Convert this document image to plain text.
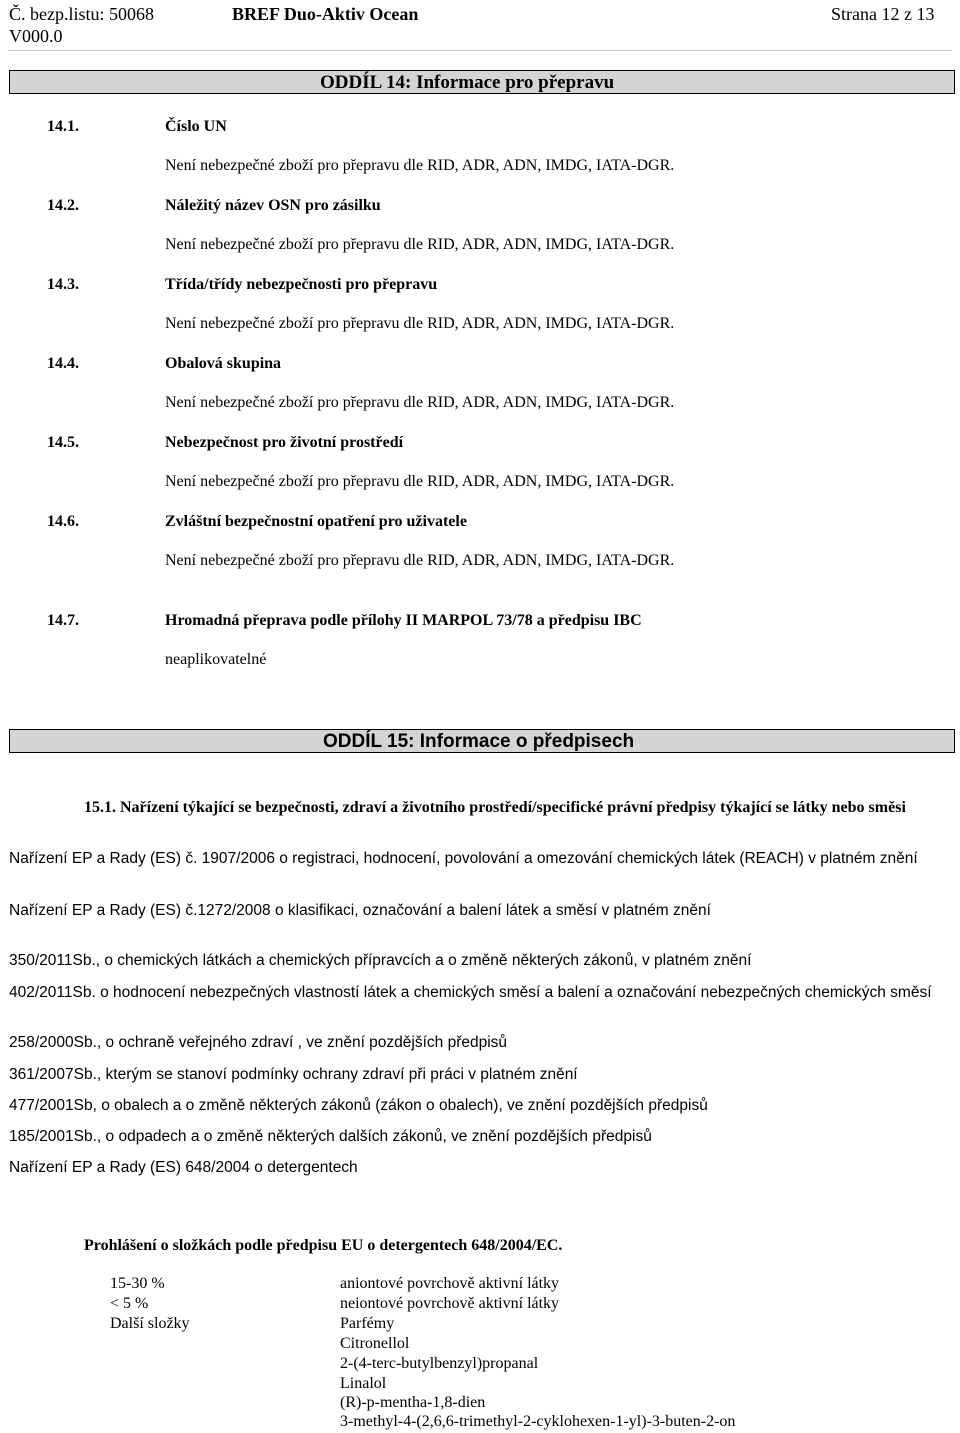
Č. bezp.listu: 50068
V000.0
BREF Duo-Aktiv Ocean	Strana 12 z 13
ODDÍL 14: Informace pro přepravu
14.1.	Číslo UN
Není nebezpečné zboží pro přepravu dle RID, ADR, ADN, IMDG, IATA-DGR.
14.2.	Náležitý název OSN pro zásilku
Není nebezpečné zboží pro přepravu dle RID, ADR, ADN, IMDG, IATA-DGR.
14.3.	Třída/třídy nebezpečnosti pro přepravu
Není nebezpečné zboží pro přepravu dle RID, ADR, ADN, IMDG, IATA-DGR.
14.4.	Obalová skupina
Není nebezpečné zboží pro přepravu dle RID, ADR, ADN, IMDG, IATA-DGR.
14.5.	Nebezpečnost pro životní prostředí
Není nebezpečné zboží pro přepravu dle RID, ADR, ADN, IMDG, IATA-DGR.
14.6.	Zvláštní bezpečnostní opatření pro uživatele
Není nebezpečné zboží pro přepravu dle RID, ADR, ADN, IMDG, IATA-DGR.
14.7.	Hromadná přeprava podle přílohy II MARPOL 73/78 a předpisu IBC
neaplikovatelné
ODDÍL 15: Informace o předpisech
15.1. Nařízení týkající se bezpečnosti, zdraví a životního prostředí/specifické právní předpisy týkající se látky nebo směsi
Nařízení EP a Rady (ES) č. 1907/2006 o registraci, hodnocení, povolování a omezování chemických látek (REACH) v platném znění
Nařízení EP a Rady (ES) č.1272/2008 o klasifikaci, označování a balení látek a směsí v platném znění
350/2011Sb., o chemických látkách a chemických přípravcích a o změně některých zákonů, v platném znění
402/2011Sb. o hodnocení nebezpečných vlastností látek a chemických směsí a balení a označování nebezpečných chemických směsí
258/2000Sb., o ochraně veřejného zdraví , ve znění pozdějších předpisů
361/2007Sb., kterým se stanoví podmínky ochrany zdraví při práci v platném znění
477/2001Sb, o obalech a o změně některých zákonů (zákon o obalech), ve znění pozdějších předpisů
185/2001Sb., o odpadech a o změně některých dalších zákonů, ve znění pozdějších předpisů
Nařízení EP a Rady (ES) 648/2004 o detergentech
Prohlášení o složkách podle předpisu EU o detergentech 648/2004/EC.
15-30 %	aniontové povrchově aktivní látky
< 5 %	neiontové povrchově aktivní látky
Další složky	Parfémy
Citronellol
2-(4-terc-butylbenzyl)propanal
Linalol
(R)-p-mentha-1,8-dien
3-methyl-4-(2,6,6-trimethyl-2-cyklohexen-1-yl)-3-buten-2-on
